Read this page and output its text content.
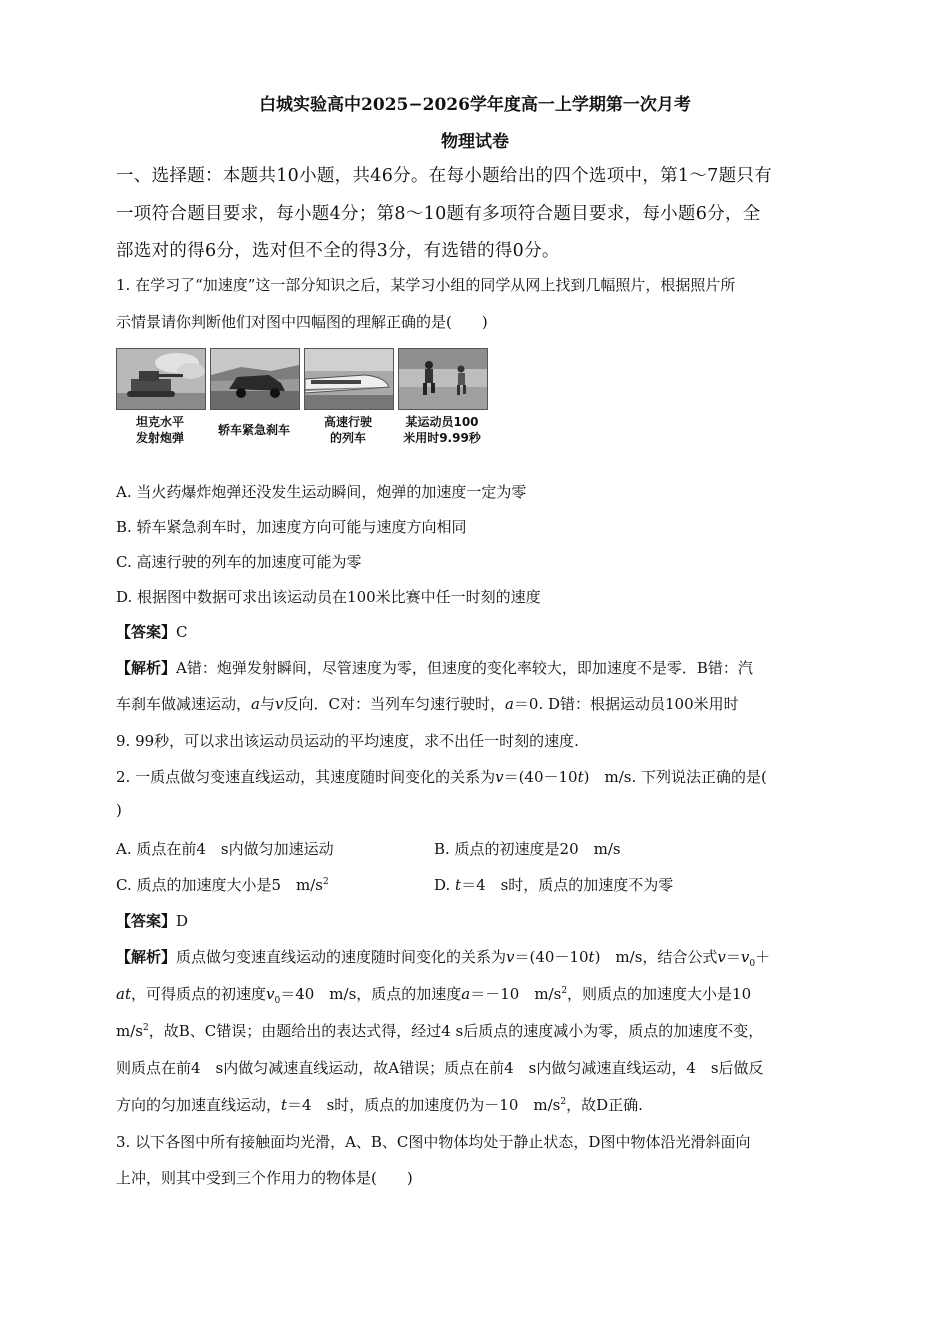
白城实验高中2025−2026学年度高一上学期第一次月考
物理试卷
一、选择题：本题共10小题，共46分。在每小题给出的四个选项中，第1～7题只有
一项符合题目要求，每小题4分；第8～10题有多项符合题目要求，每小题6分，全
部选对的得6分，选对但不全的得3分，有选错的得0分。
1. 在学习了“加速度”这一部分知识之后，某学习小组的同学从网上找到几幅照片，根据照片所
示情景请你判断他们对图中四幅图的理解正确的是(　　)
坦克水平
发射炮弹
轿车紧急刹车
高速行驶
的列车
某运动员100
米用时9.99秒
A. 当火药爆炸炮弹还没发生运动瞬间，炮弹的加速度一定为零
B. 轿车紧急刹车时，加速度方向可能与速度方向相同
C. 高速行驶的列车的加速度可能为零
D. 根据图中数据可求出该运动员在100米比赛中任一时刻的速度
【答案】C
【解析】A错：炮弹发射瞬间，尽管速度为零，但速度的变化率较大，即加速度不是零．B错：汽
车刹车做减速运动，a与v反向．C对：当列车匀速行驶时，a＝0. D错：根据运动员100米用时
9. 99秒，可以求出该运动员运动的平均速度，求不出任一时刻的速度.
2. 一质点做匀变速直线运动，其速度随时间变化的关系为v＝(40－10t)　m/s. 下列说法正确的是(
)
A. 质点在前4　s内做匀加速运动	B. 质点的初速度是20　m/s
C. 质点的加速度大小是5　$m/s^2$	D. t＝4　s时，质点的加速度不为零
【答案】D
【解析】质点做匀变速直线运动的速度随时间变化的关系为v＝(40－10t)　m/s，结合公式$v=v_0+$
at，可得质点的初速度$v_0=40$　m/s，质点的加速度a＝－10　$m/s^2$，则质点的加速度大小是10
$m/s^2$，故B、C错误；由题给出的表达式得，经过4 s后质点的速度减小为零，质点的加速度不变，
则质点在前4　s内做匀减速直线运动，故A错误；质点在前4　s内做匀减速直线运动，4　s后做反
方向的匀加速直线运动，t＝4　s时，质点的加速度仍为－10　$m/s^2$，故D正确.
3. 以下各图中所有接触面均光滑，A、B、C图中物体均处于静止状态，D图中物体沿光滑斜面向
上冲，则其中受到三个作用力的物体是(　　)
